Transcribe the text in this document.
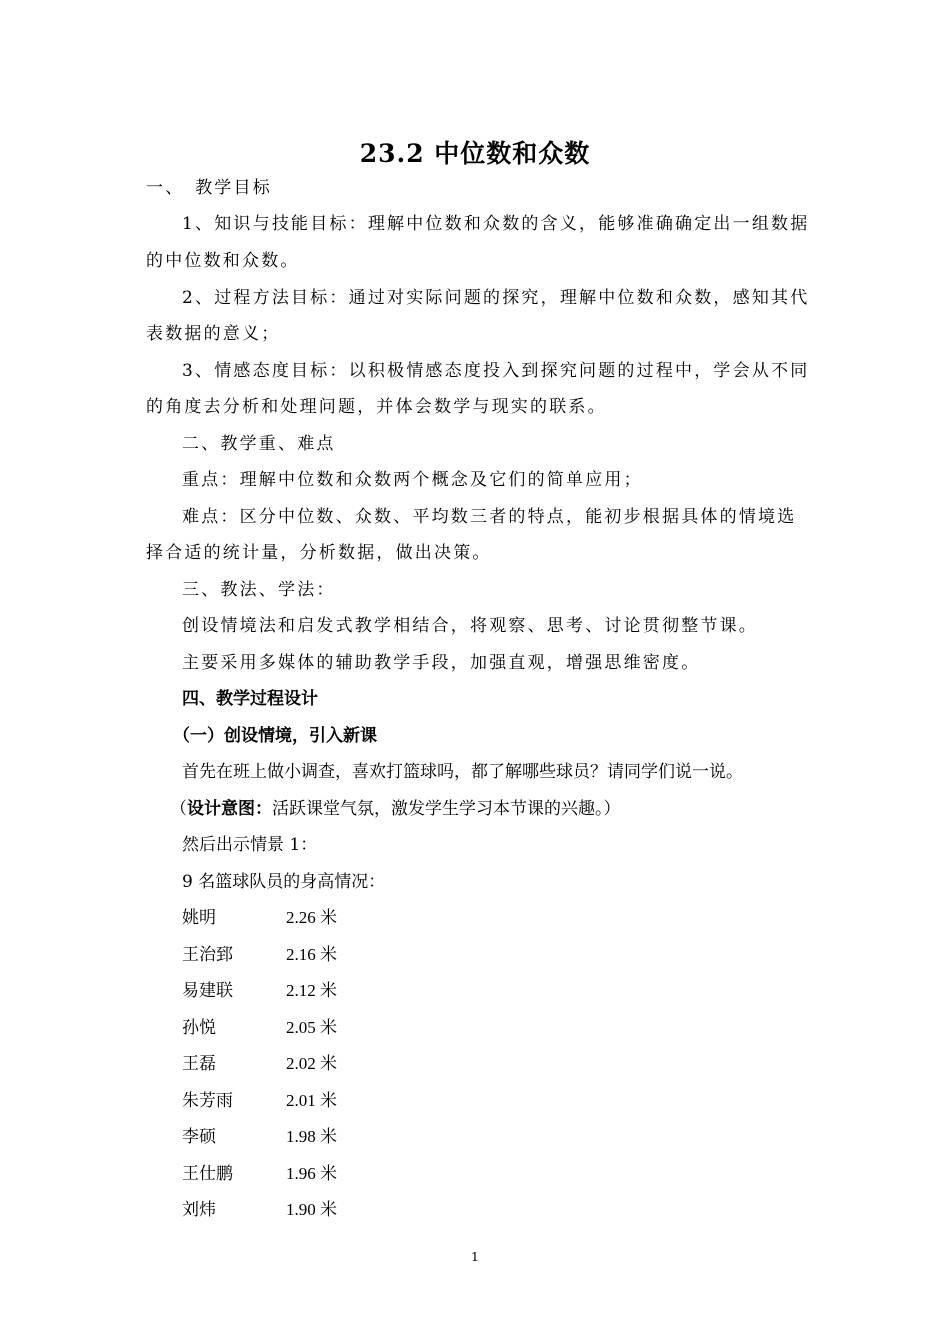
23.2 中位数和众数
一、　教学目标
1、知识与技能目标：理解中位数和众数的含义，能够准确确定出一组数据
的中位数和众数。
2、过程方法目标：通过对实际问题的探究，理解中位数和众数，感知其代
表数据的意义；
3、情感态度目标：以积极情感态度投入到探究问题的过程中，学会从不同
的角度去分析和处理问题，并体会数学与现实的联系。
二、教学重、难点
重点：理解中位数和众数两个概念及它们的简单应用；
难点：区分中位数、众数、平均数三者的特点，能初步根据具体的情境选
择合适的统计量，分析数据，做出决策。
三、教法、学法：
创设情境法和启发式教学相结合，将观察、思考、讨论贯彻整节课。
主要采用多媒体的辅助教学手段，加强直观，增强思维密度。
四、教学过程设计
（一）创设情境，引入新课
首先在班上做小调查，喜欢打篮球吗，都了解哪些球员？请同学们说一说。
（设计意图：活跃课堂气氛，激发学生学习本节课的兴趣。）
然后出示情景 1：
9 名篮球队员的身高情况：
姚明	2.26 米
王治郅	2.16 米
易建联	2.12 米
孙悦	2.05 米
王磊	2.02 米
朱芳雨	2.01 米
李硕	1.98 米
王仕鹏	1.96 米
刘炜	1.90 米
1
